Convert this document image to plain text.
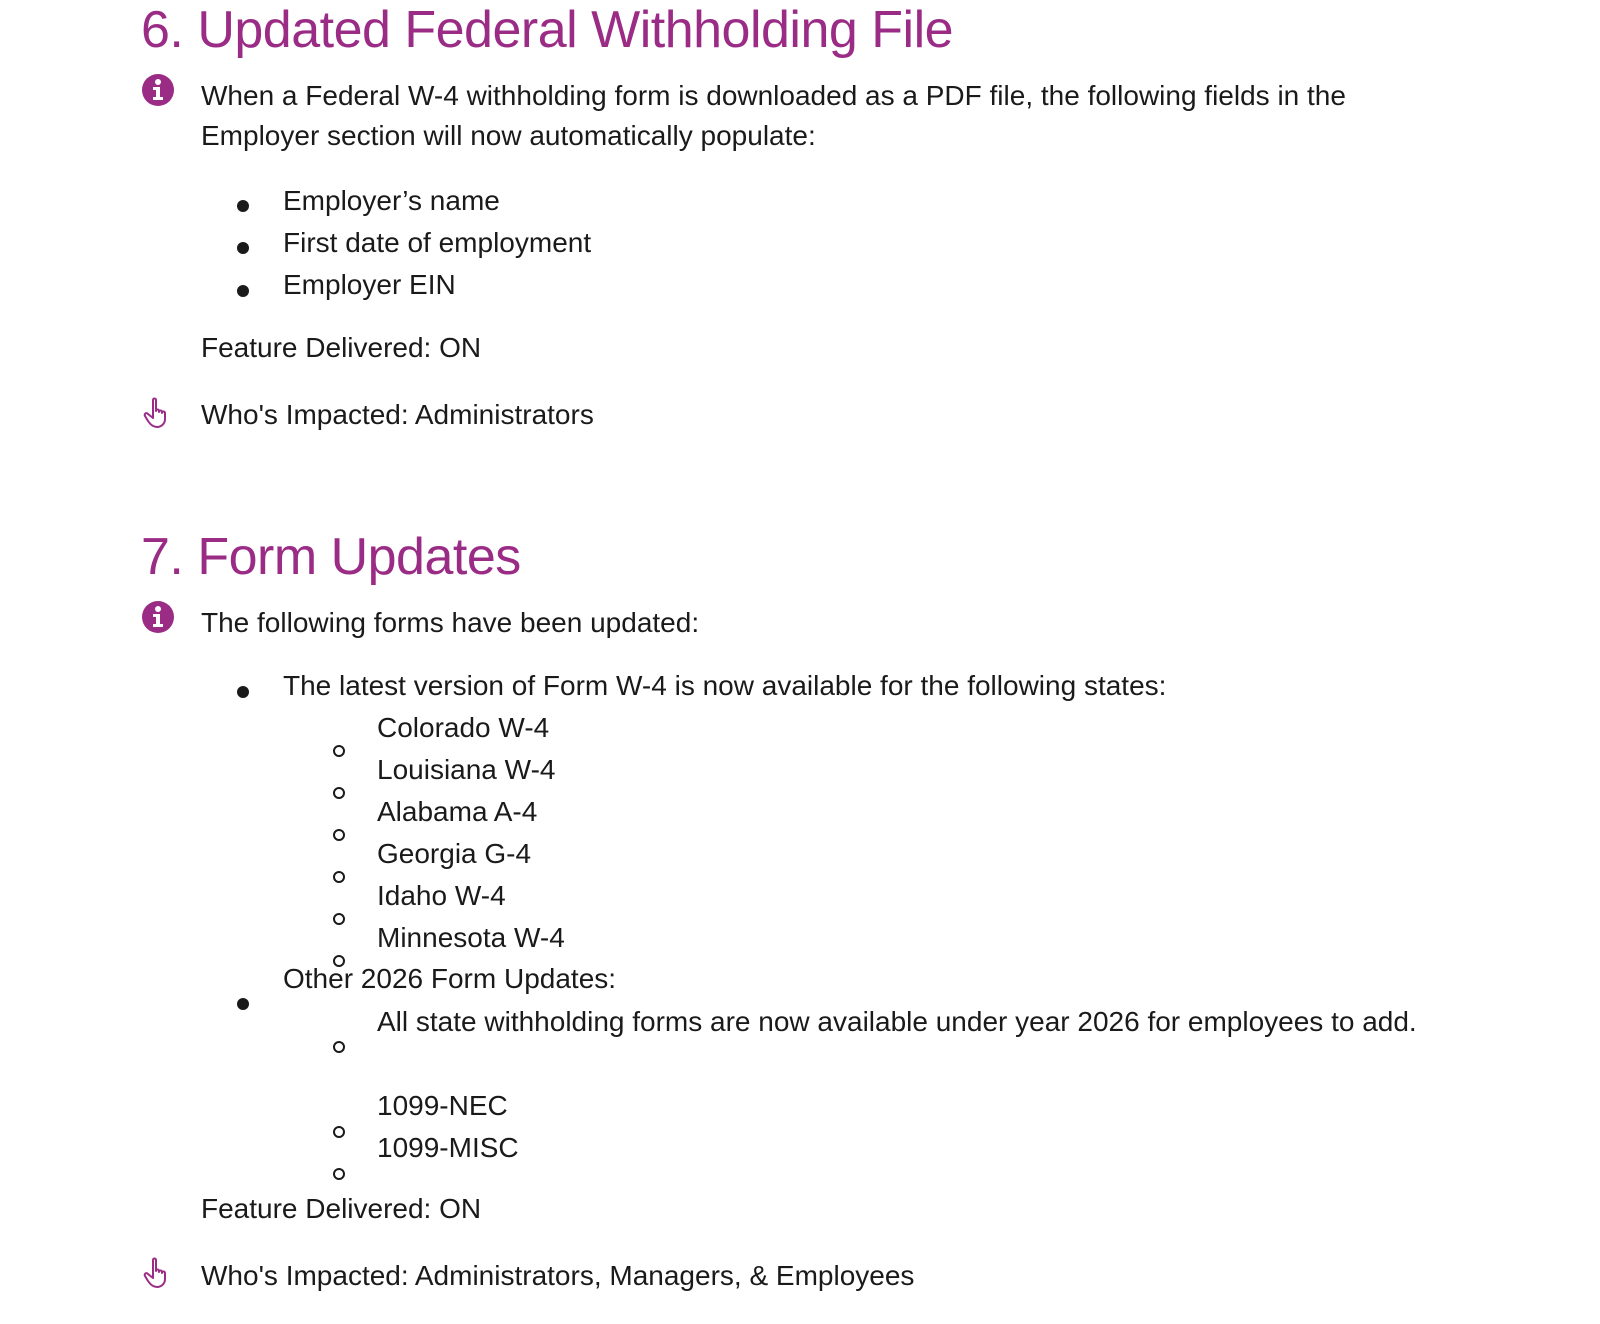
6. Updated Federal Withholding File
When a Federal W-4 withholding form is downloaded as a PDF file, the following fields in the Employer section will now automatically populate:
Employer’s name
First date of employment
Employer EIN
Feature Delivered: ON
Who's Impacted: Administrators
7. Form Updates
The following forms have been updated:
The latest version of Form W-4 is now available for the following states:
Colorado W-4
Louisiana W-4
Alabama A-4
Georgia G-4
Idaho W-4
Minnesota W-4
Other 2026 Form Updates:
All state withholding forms are now available under year 2026 for employees to add.
1099-NEC
1099-MISC
Feature Delivered: ON
Who's Impacted: Administrators, Managers, & Employees
